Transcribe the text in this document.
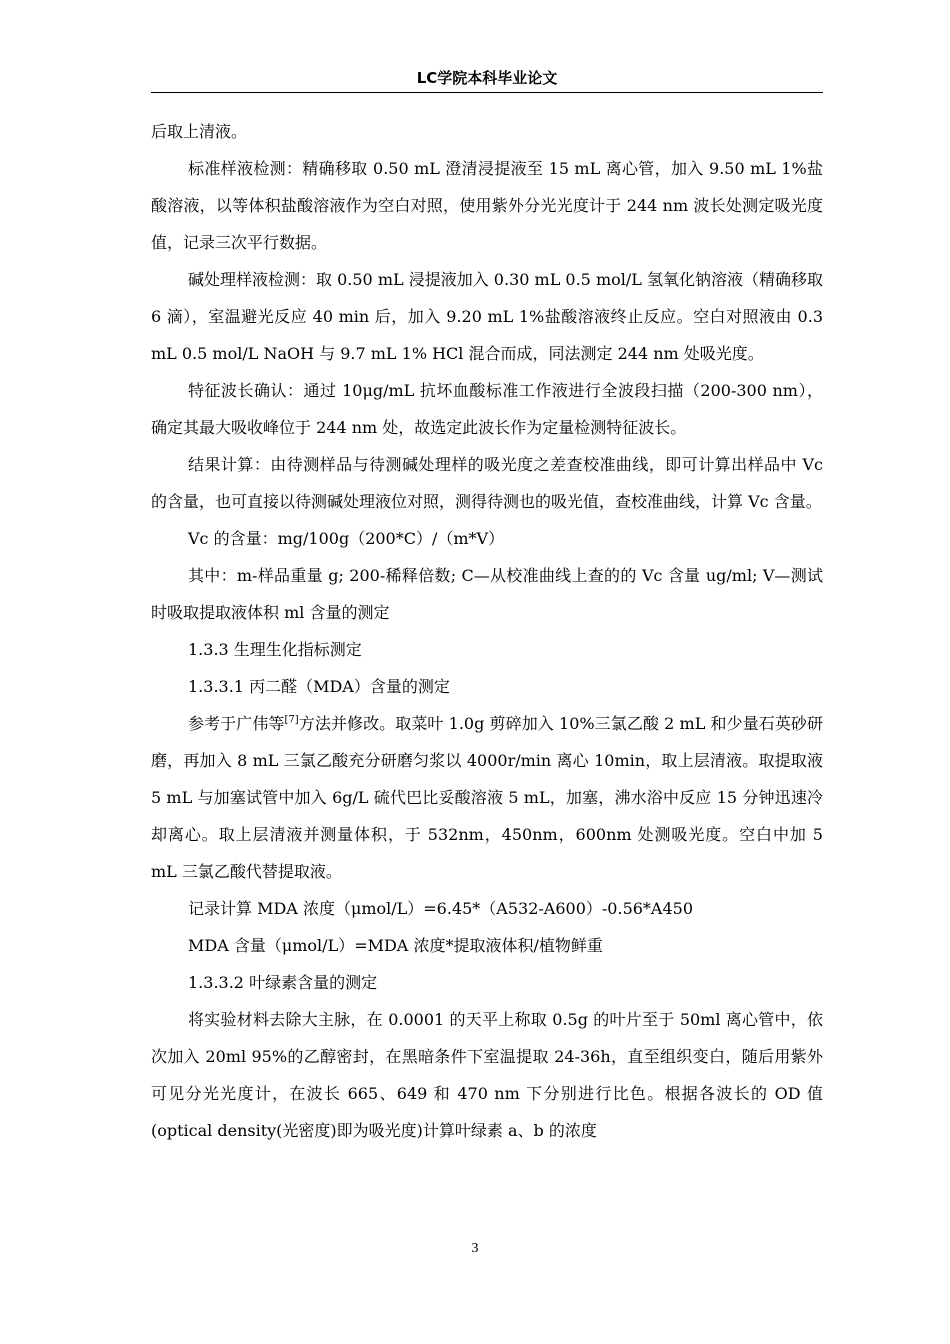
LC学院本科毕业论文

后取上清液。

标准样液检测：精确移取 0.50 mL 澄清浸提液至 15 mL 离心管，加入 9.50 mL 1%盐酸溶液，以等体积盐酸溶液作为空白对照，使用紫外分光光度计于 244 nm 波长处测定吸光度值，记录三次平行数据。

碱处理样液检测：取 0.50 mL 浸提液加入 0.30 mL 0.5 mol/L 氢氧化钠溶液（精确移取 6 滴），室温避光反应 40 min 后，加入 9.20 mL 1%盐酸溶液终止反应。空白对照液由 0.3 mL 0.5 mol/L NaOH 与 9.7 mL 1% HCl 混合而成，同法测定 244 nm 处吸光度。

特征波长确认：通过 10μg/mL 抗坏血酸标准工作液进行全波段扫描（200-300 nm），确定其最大吸收峰位于 244 nm 处，故选定此波长作为定量检测特征波长。

结果计算：由待测样品与待测碱处理样的吸光度之差查校准曲线，即可计算出样品中 Vc 的含量，也可直接以待测碱处理液位对照，测得待测也的吸光值，查校准曲线，计算 Vc 含量。

Vc 的含量：mg/100g（200*C）/（m*V）

其中：m-样品重量 g; 200-稀释倍数; C—从校准曲线上查的的 Vc 含量 ug/ml; V—测试时吸取提取液体积 ml 含量的测定

1.3.3 生理生化指标测定

1.3.3.1 丙二醛（MDA）含量的测定

参考于广伟等[7]方法并修改。取菜叶 1.0g 剪碎加入 10%三氯乙酸 2 mL 和少量石英砂研磨，再加入 8 mL 三氯乙酸充分研磨匀浆以 4000r/min 离心 10min，取上层清液。取提取液 5 mL 与加塞试管中加入 6g/L 硫代巴比妥酸溶液 5 mL，加塞，沸水浴中反应 15 分钟迅速冷却离心。取上层清液并测量体积，于 532nm，450nm，600nm 处测吸光度。空白中加 5 mL 三氯乙酸代替提取液。

记录计算 MDA 浓度（μmol/L）=6.45*（A532-A600）-0.56*A450

MDA 含量（μmol/L）=MDA 浓度*提取液体积/植物鲜重

1.3.3.2 叶绿素含量的测定

将实验材料去除大主脉，在 0.0001 的天平上称取 0.5g 的叶片至于 50ml 离心管中，依次加入 20ml 95%的乙醇密封，在黑暗条件下室温提取 24-36h，直至组织变白，随后用紫外可见分光光度计，在波长 665、649 和 470 nm 下分别进行比色。根据各波长的 OD 值(optical density(光密度)即为吸光度)计算叶绿素 a、b 的浓度

3
